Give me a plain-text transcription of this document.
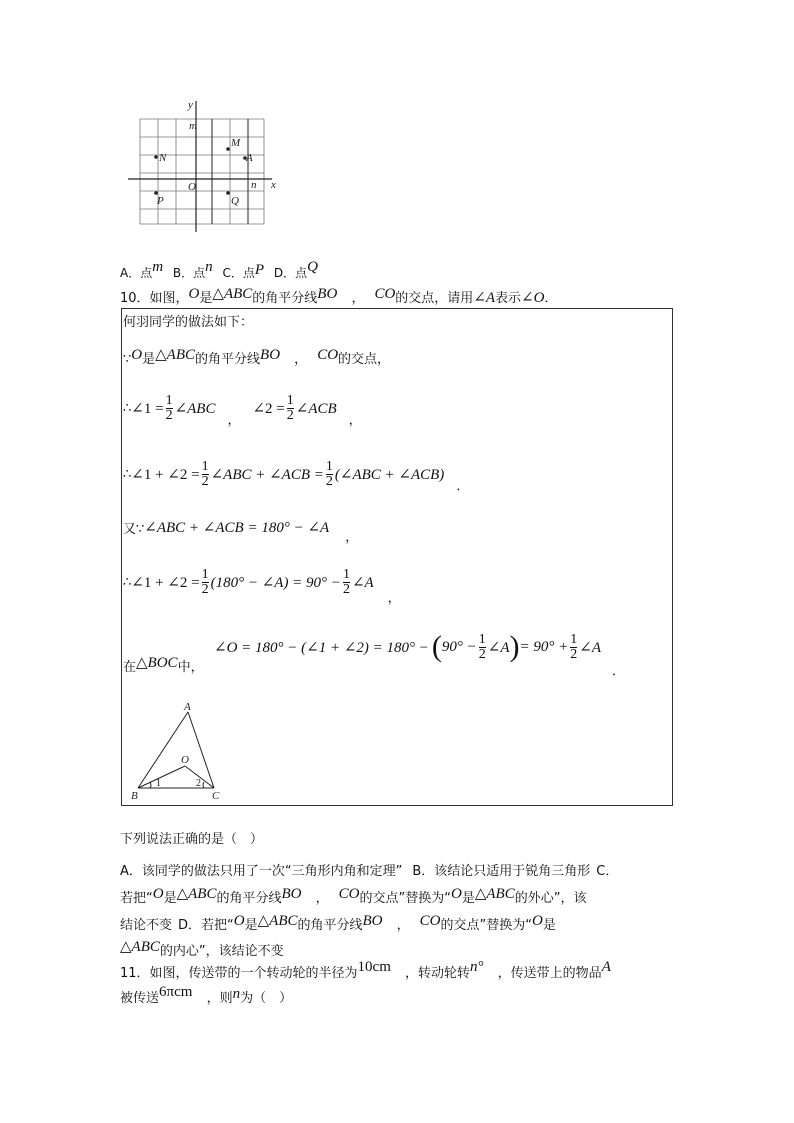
y
x
m
n
O
N
M
A
P	Q
A．点m B．点n C．点P D．点Q
10．如图，O是△ABC的角平分线BO ， CO的交点，请用∠A表示∠O．
何羽同学的做法如下：
∵O是△ABC的角平分线BO ， CO的交点，
∴ ∠1 = $\frac{1}{2}$ ∠ABC
，
∠2 = $\frac{1}{2}$ ∠ACB
，
∴ ∠1 + ∠2 = $\frac{1}{2}$ ∠ABC + ∠ACB = $\frac{1}{2}$ (∠ABC + ∠ACB)
．
又∵ ∠ABC + ∠ACB = 180° − ∠A
，
∴ ∠1 + ∠2 = $\frac{1}{2} (180^\circ$ − ∠A) = $90^\circ - \frac{1}{2}$ ∠A
，
在△BOC中，
∠O = 180° − (∠1 + ∠2) = 180° − ( $90^\circ - \frac{1}{2}$ ∠A ) = $90^\circ + \frac{1}{2}$ ∠A
．
A
B	C
O
1	2
下列说法正确的是（　）
A．该同学的做法只用了一次“三角形内角和定理” B．该结论只适用于锐角三角形 C．
若把“O是△ABC的角平分线BO ， CO的交点”替换为“O是△ABC的外心”，该
结论不变 D．若把“O是△ABC的角平分线BO ， CO的交点”替换为“O是
△ABC的内心”，该结论不变
11．如图，传送带的一个转动轮的半径为10cm ，转动轮转n° ，传送带上的物品A
被传送6πcm ，则n为（　）
